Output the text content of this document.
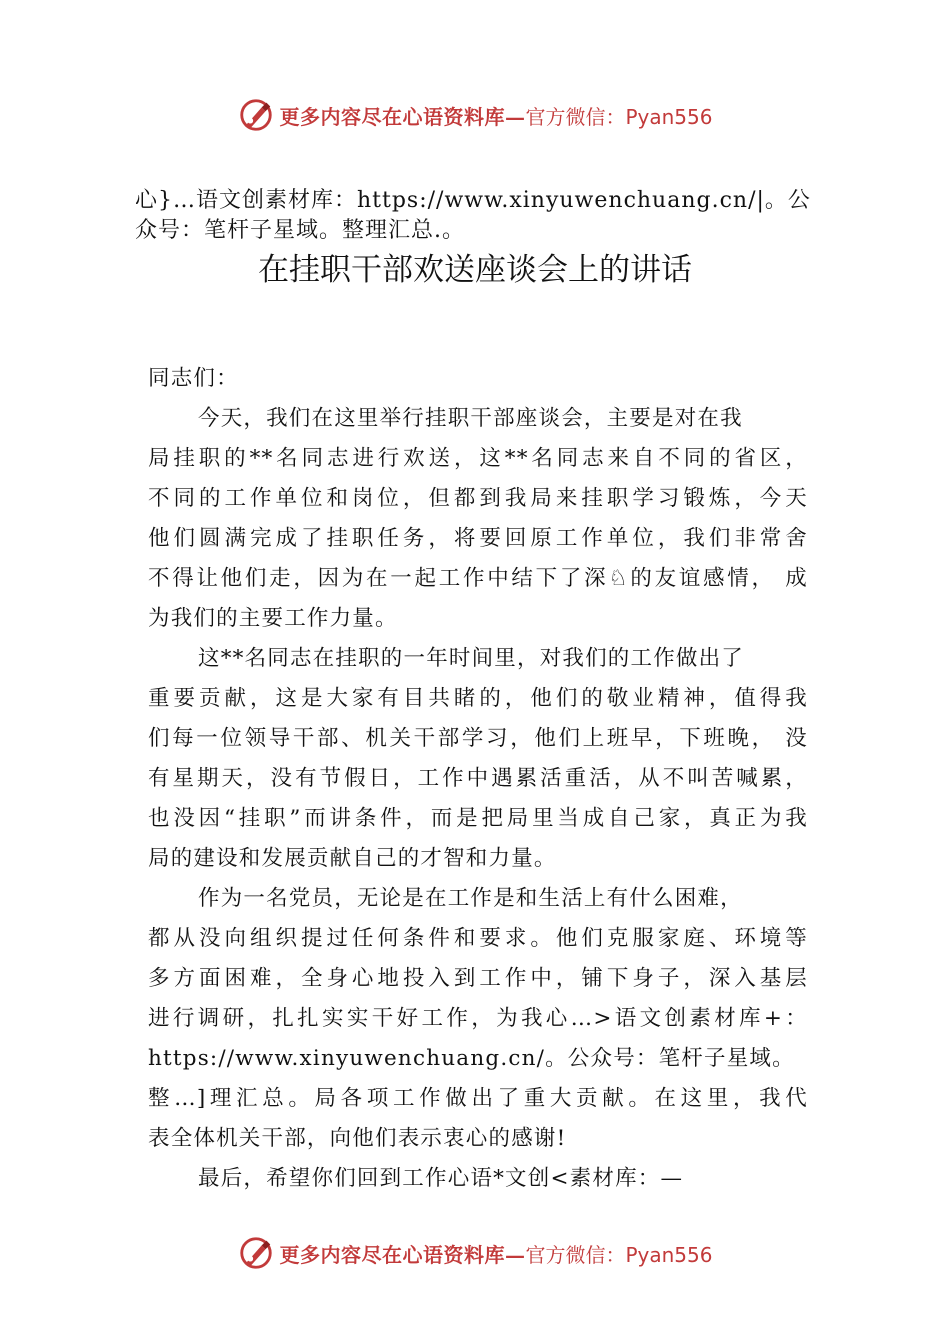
更多内容尽在心语资料库— 官方微信：Pyan556

心}…语文创素材库：https://www.xinyuwenchuang.cn/|。公

众号：笔杆子星域。整理汇总.。

在挂职干部欢送座谈会上的讲话
同志们：
今天，我们在这里举行挂职干部座谈会，主要是对在我
局挂职的**名同志进行欢送，这**名同志来自不同的省区，
不同的工作单位和岗位，但都到我局来挂职学习锻炼，今天
他们圆满完成了挂职任务，将要回原工作单位，我们非常舍
不得让他们走，因为在一起工作中结下了深♘的友谊感情， 成
为我们的主要工作力量。
这**名同志在挂职的一年时间里，对我们的工作做出了
重要贡献，这是大家有目共睹的，他们的敬业精神，值得我
们每一位领导干部、机关干部学习，他们上班早，下班晚， 没
有星期天，没有节假日，工作中遇累活重活，从不叫苦喊累，
也没因“挂职”而讲条件，而是把局里当成自己家，真正为我
局的建设和发展贡献自己的才智和力量。
作为一名党员，无论是在工作是和生活上有什么困难，
都从没向组织提过任何条件和要求。他们克服家庭、环境等
多方面困难，全身心地投入到工作中，铺下身子，深入基层
进行调研，扎扎实实干好工作，为我心…>语文创素材库+：
https://www.xinyuwenchuang.cn/。公众号：笔杆子星域。
整…]理汇总。局各项工作做出了重大贡献。在这里，我代
表全体机关干部，向他们表示衷心的感谢!
最后，希望你们回到工作心语*文创<素材库：—
更多内容尽在心语资料库— 官方微信：Pyan556
